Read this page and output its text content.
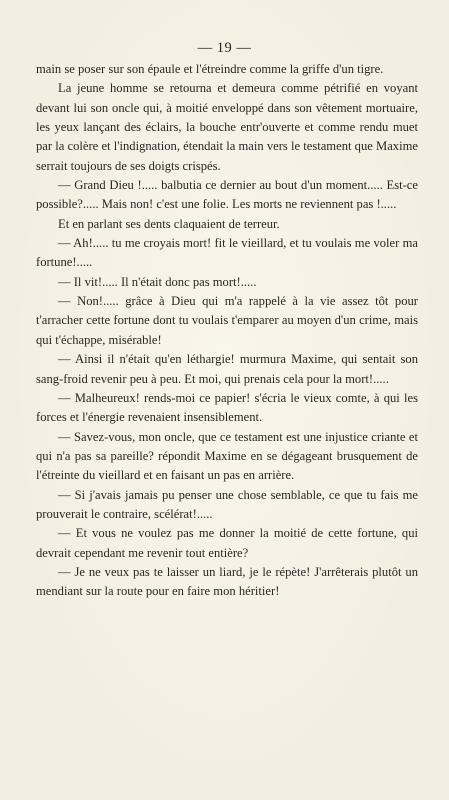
— 19 —

main se poser sur son épaule et l'étreindre comme la griffe d'un tigre.

La jeune homme se retourna et demeura comme pétrifié en voyant devant lui son oncle qui, à moitié enveloppé dans son vêtement mortuaire, les yeux lançant des éclairs, la bouche entr'ouverte et comme rendu muet par la colère et l'indignation, étendait la main vers le testament que Maxime serrait toujours de ses doigts crispés.

— Grand Dieu !..... balbutia ce dernier au bout d'un moment..... Est-ce possible?..... Mais non! c'est une folie. Les morts ne reviennent pas !.....

Et en parlant ses dents claquaient de terreur.

— Ah!..... tu me croyais mort! fit le vieillard, et tu voulais me voler ma fortune!.....

— Il vit!..... Il n'était donc pas mort!.....

— Non!..... grâce à Dieu qui m'a rappelé à la vie assez tôt pour t'arracher cette fortune dont tu voulais t'emparer au moyen d'un crime, mais qui t'échappe, misérable!

— Ainsi il n'était qu'en léthargie! murmura Maxime, qui sentait son sang-froid revenir peu à peu. Et moi, qui prenais cela pour la mort!.....

— Malheureux! rends-moi ce papier! s'écria le vieux comte, à qui les forces et l'énergie revenaient insensiblement.

— Savez-vous, mon oncle, que ce testament est une injustice criante et qui n'a pas sa pareille? répondit Maxime en se dégageant brusquement de l'étreinte du vieillard et en faisant un pas en arrière.

— Si j'avais jamais pu penser une chose semblable, ce que tu fais me prouverait le contraire, scélérat!.....

— Et vous ne voulez pas me donner la moitié de cette fortune, qui devrait cependant me revenir tout entière?

— Je ne veux pas te laisser un liard, je le répète! J'arrêterais plutôt un mendiant sur la route pour en faire mon héritier!
